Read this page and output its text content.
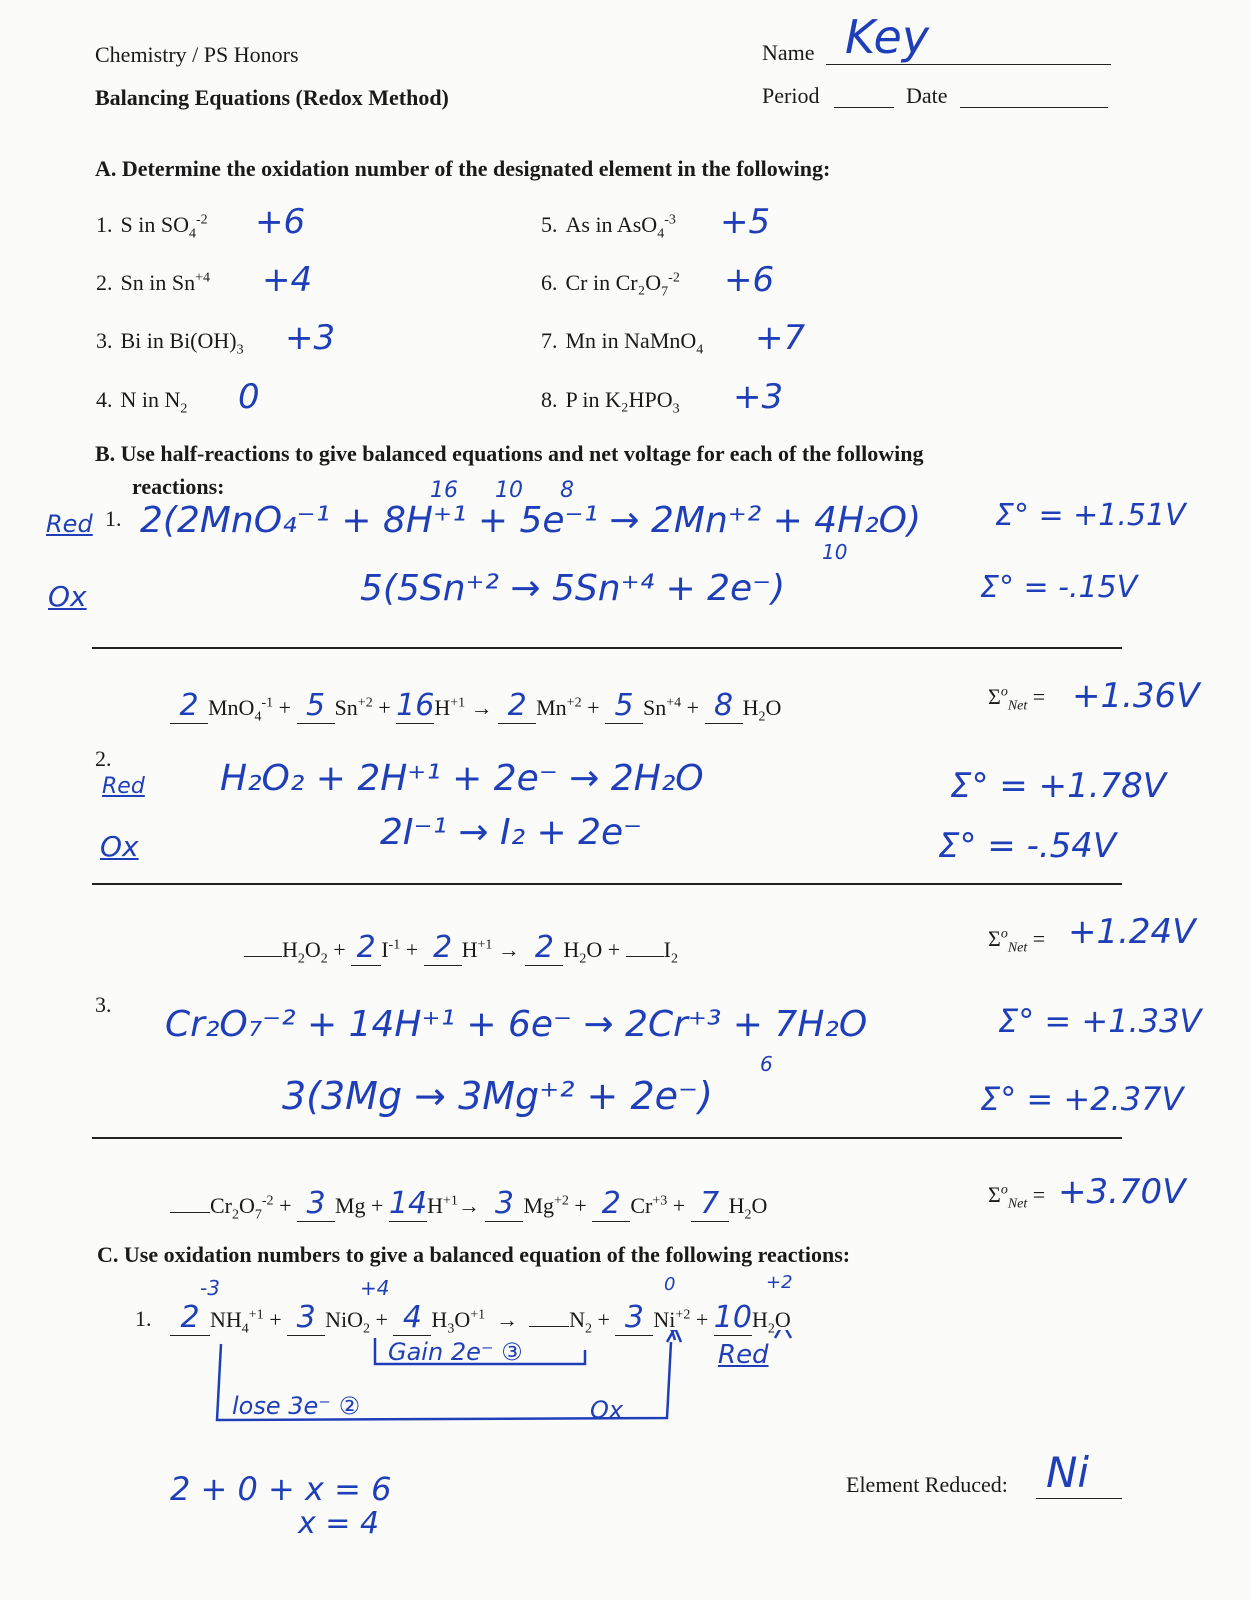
Chemistry / PS Honors
Balancing Equations (Redox Method)
Name Key
Period	Date
A. Determine the oxidation number of the designated element in the following:
1. S in $SO_4^{-2} +6$
2. Sn in $Sn^{+4} +4$
3. Bi in $Bi(OH)_3 +3$
4. N in $N_2$ 0
5. As in AsO$_4^{-3}$ +5
6. Cr in $Cr_2O_7^{-2} +6$
7. Mn in NaMnO$_4$ +7
8. P in $K_2HPO_3 +3$
B. Use half-reactions to give balanced equations and net voltage for each of the following
reactions:
1.
Red
16 10 8
2(2MnO₄⁻¹ + 8H⁺¹ + 5e⁻¹ → 2Mn⁺² + 4H₂O) Σ° = +1.51V
Ox
10
5(5Sn⁺² → 5Sn⁺⁴ + 2e⁻)	Σ° = -.15V
2 MnO$_4^{-1}$ + 5 $Sn^{+2} + 16H^{+1} \to 2$ $Mn^{+2} + 5$ $Sn^{+4} + 8$ $H_2O$	$\Sigma^o_{Net} = +1.36V$
2.
Red H₂O₂ + 2H⁺¹ + 2e⁻ → 2H₂O	Σ° = +1.78V
Ox	2I⁻¹ → I₂ + 2e⁻	Σ° = -.54V
$H_2O_2 + 2$ $I^{-1} + 2$ $H^{+1} \to 2$ $H_2O + I_2$
$\Sigma^o_{Net} = +1.24V$
3. Cr₂O₇⁻² + 14H⁺¹ + 6e⁻ → 2Cr⁺³ + 7H₂O	Σ° = +1.33V
6
3(3Mg → 3Mg⁺² + 2e⁻)	Σ° = +2.37V
$Cr_2O_7^{-2} + 3$ $Mg + 14H^{+1}\to 3$ $Mg^{+2} + 2$ $Cr^{+3} + 7$ $H_2O$	$\Sigma^o_{Net} = +3.70V$
C. Use oxidation numbers to give a balanced equation of the following reactions:
1.
-3	+4	0	+2
2 $NH_4^{+1} + 3$ NiO$_2$ + 4 $H_3O^{+1} \to N_2 + 3$ $Ni^{+2} + 10H_2O$
Gain 2e⁻ ③	Red
lose 3e⁻ ②	Ox
2 + 0 + x = 6
x = 4
Element Reduced: Ni
